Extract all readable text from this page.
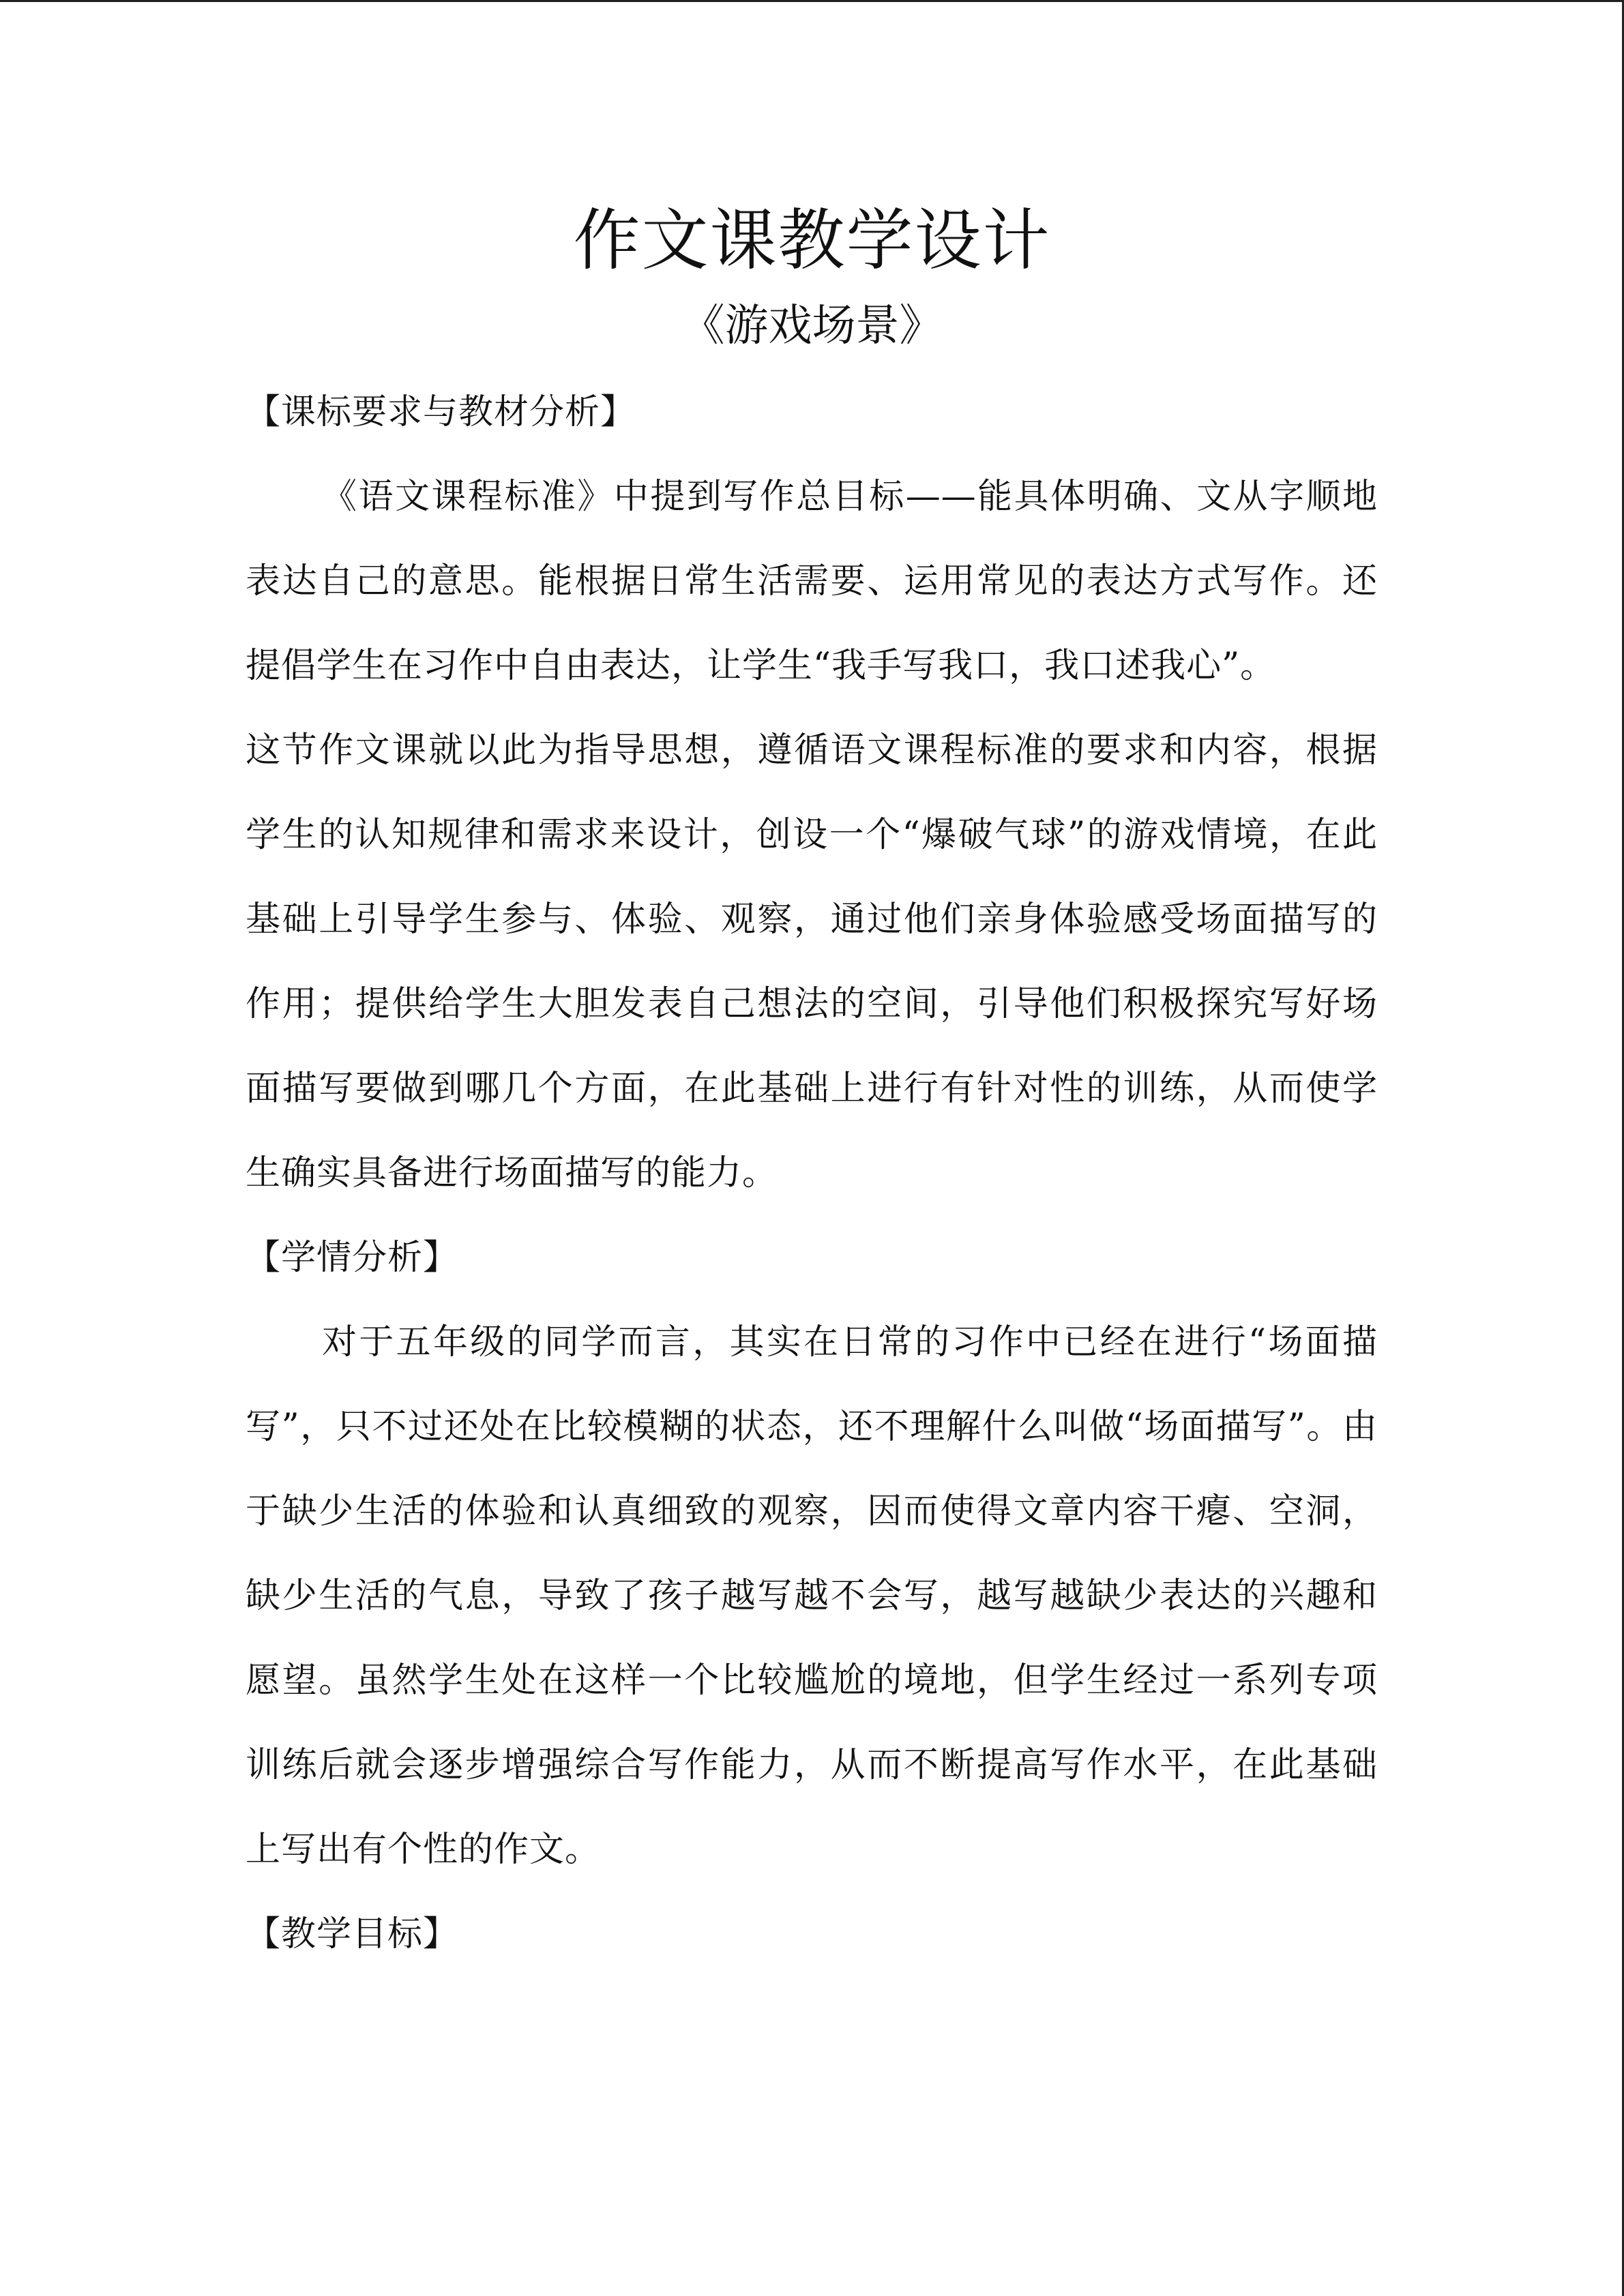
作文课教学设计
《游戏场景》
【课标要求与教材分析】

《语文课程标准》中提到写作总目标——能具体明确、文从字顺地表达自己的意思。能根据日常生活需要、运用常见的表达方式写作。还提倡学生在习作中自由表达，让学生“我手写我口，我口述我心”。

这节作文课就以此为指导思想，遵循语文课程标准的要求和内容，根据学生的认知规律和需求来设计，创设一个“爆破气球”的游戏情境，在此基础上引导学生参与、体验、观察，通过他们亲身体验感受场面描写的作用；提供给学生大胆发表自己想法的空间，引导他们积极探究写好场面描写要做到哪几个方面，在此基础上进行有针对性的训练，从而使学生确实具备进行场面描写的能力。

【学情分析】

对于五年级的同学而言，其实在日常的习作中已经在进行“场面描写”，只不过还处在比较模糊的状态，还不理解什么叫做“场面描写”。由于缺少生活的体验和认真细致的观察，因而使得文章内容干瘪、空洞，缺少生活的气息，导致了孩子越写越不会写，越写越缺少表达的兴趣和愿望。虽然学生处在这样一个比较尴尬的境地，但学生经过一系列专项训练后就会逐步增强综合写作能力，从而不断提高写作水平，在此基础上写出有个性的作文。

【教学目标】
